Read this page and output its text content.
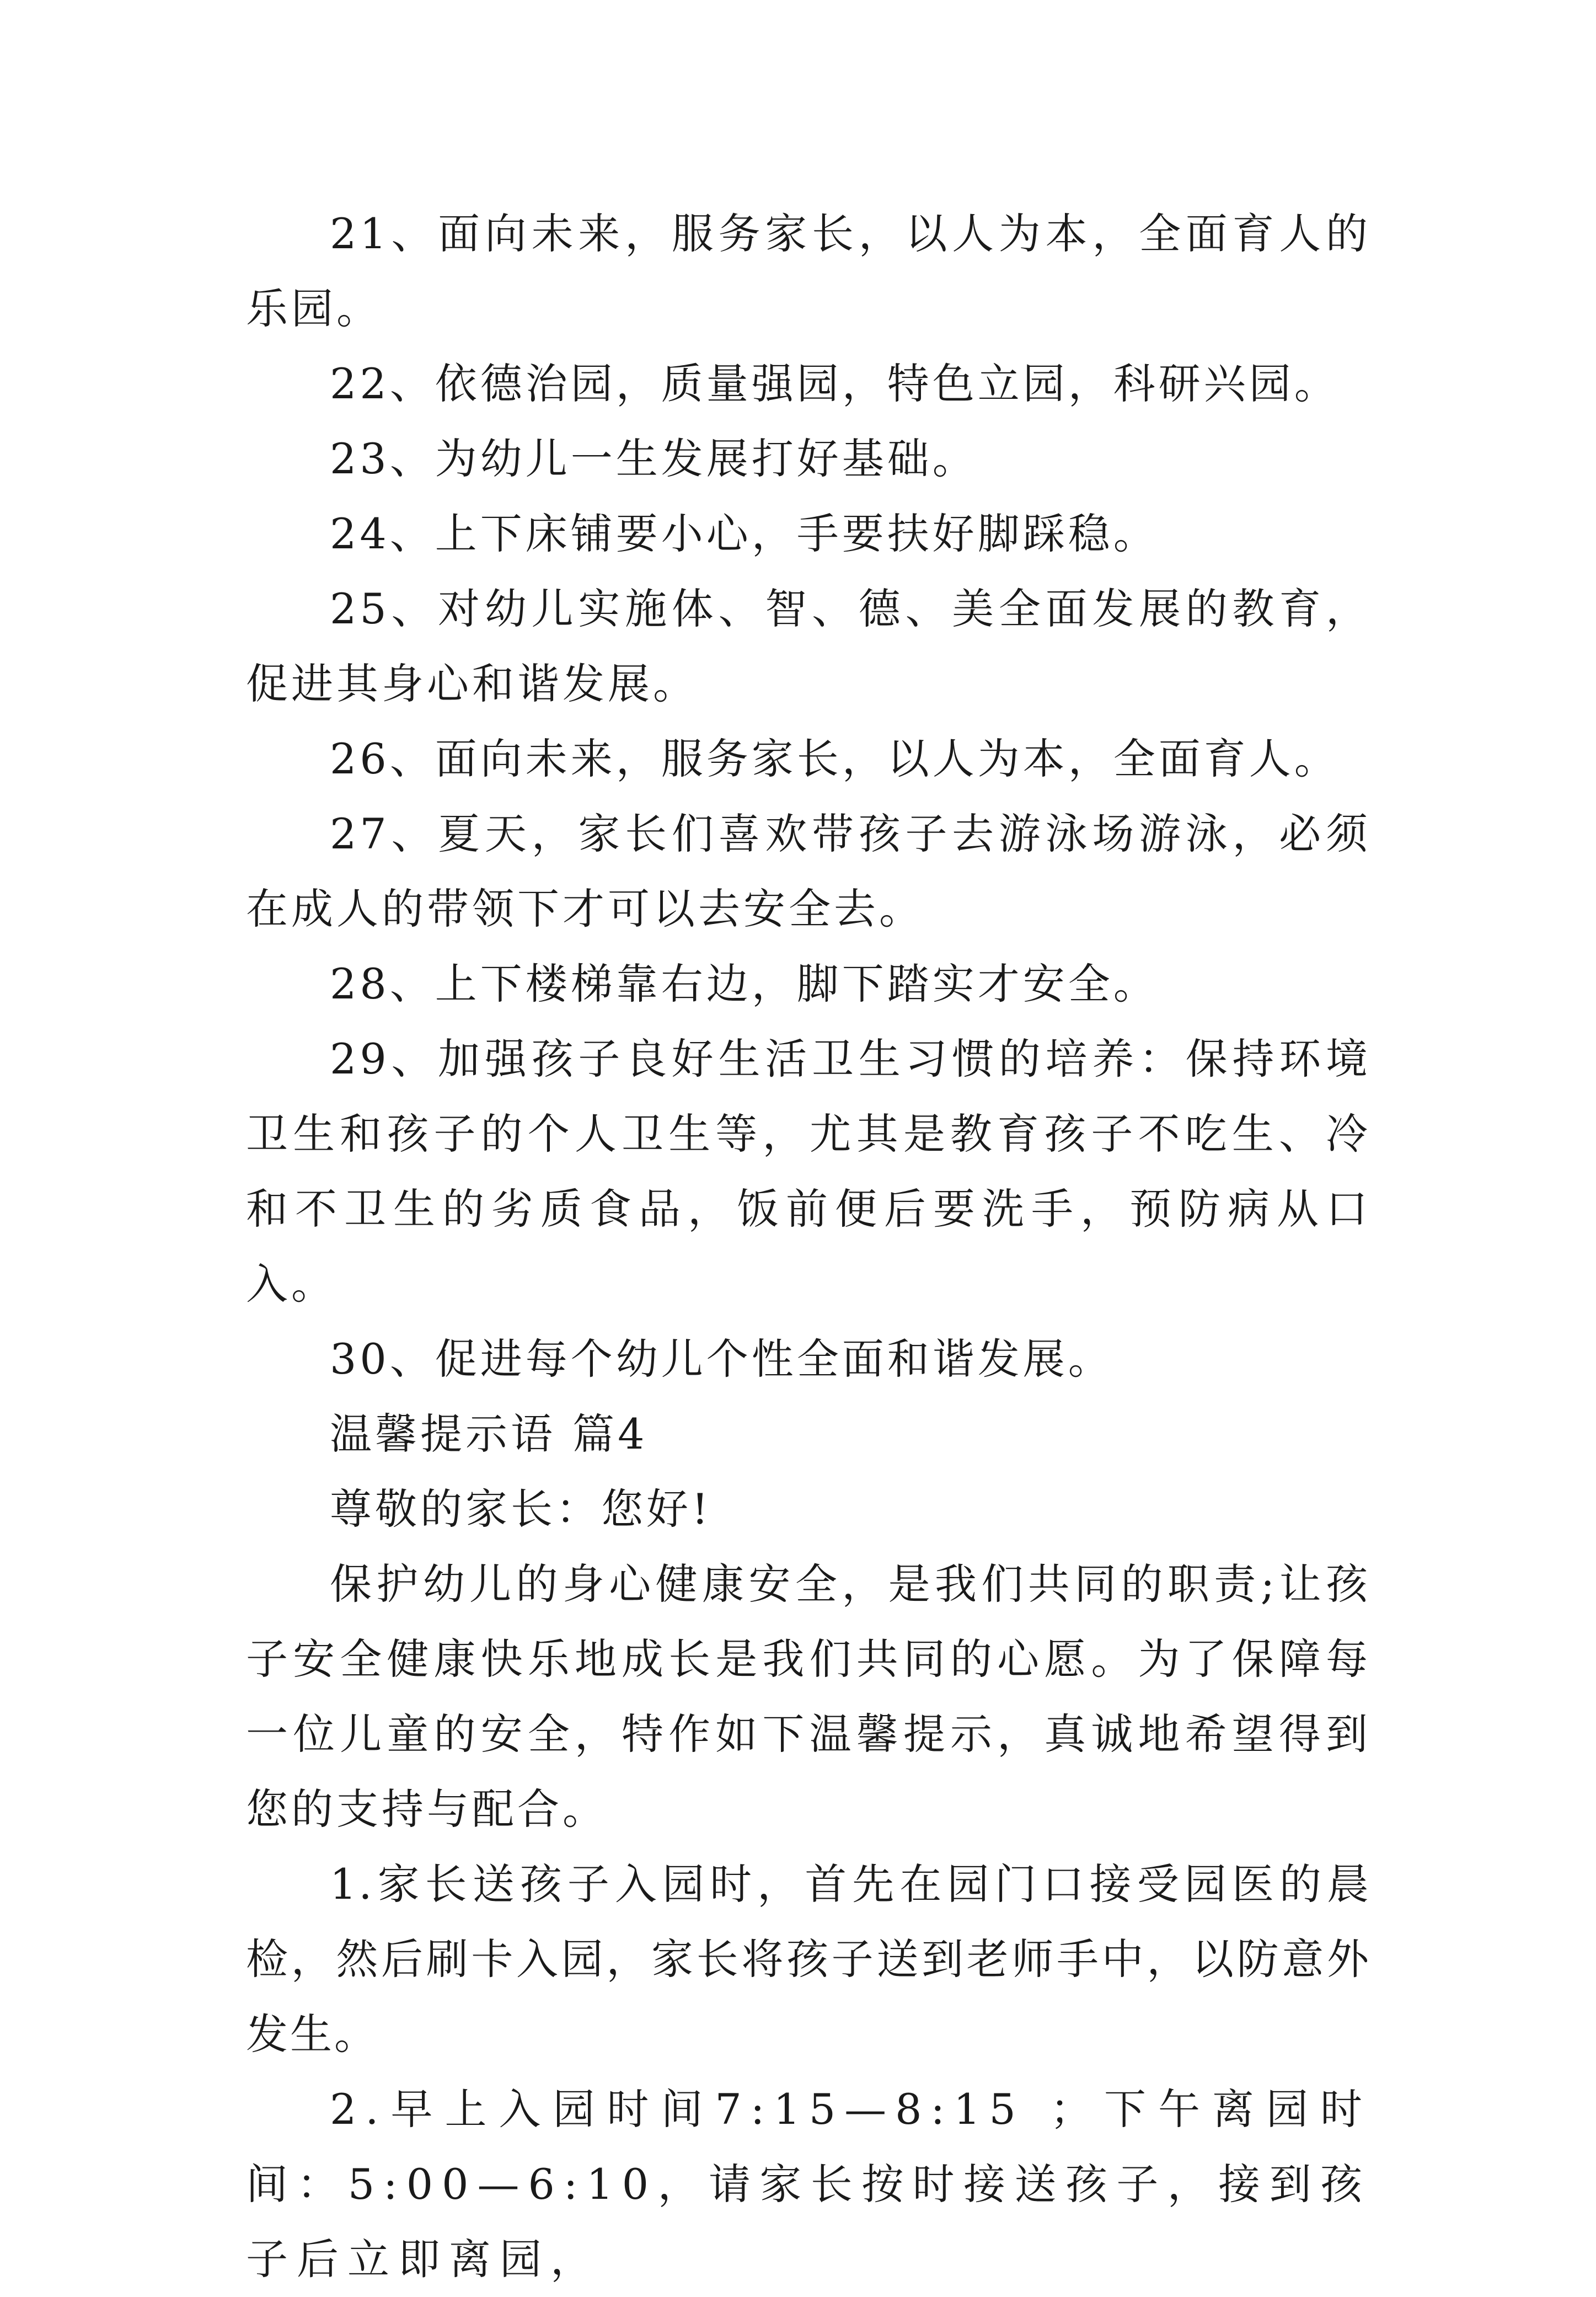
21、面向未来，服务家长，以人为本，全面育人的乐园。

22、依德治园，质量强园，特色立园，科研兴园。

23、为幼儿一生发展打好基础。

24、上下床铺要小心，手要扶好脚踩稳。

25、对幼儿实施体、智、德、美全面发展的教育，促进其身心和谐发展。

26、面向未来，服务家长，以人为本，全面育人。

27、夏天，家长们喜欢带孩子去游泳场游泳，必须在成人的带领下才可以去安全去。

28、上下楼梯靠右边，脚下踏实才安全。

29、加强孩子良好生活卫生习惯的培养：保持环境卫生和孩子的个人卫生等，尤其是教育孩子不吃生、冷和不卫生的劣质食品，饭前便后要洗手，预防病从口入。

30、促进每个幼儿个性全面和谐发展。

温馨提示语 篇4

尊敬的家长：您好!

保护幼儿的身心健康安全，是我们共同的职责;让孩子安全健康快乐地成长是我们共同的心愿。为了保障每一位儿童的安全，特作如下温馨提示，真诚地希望得到您的支持与配合。

1.家长送孩子入园时，首先在园门口接受园医的晨检，然后刷卡入园，家长将孩子送到老师手中，以防意外发生。

2.早上入园时间7:15—8:15 ；下午离园时间：5:00—6:10，请家长按时接送孩子，接到孩子后立即离园，
